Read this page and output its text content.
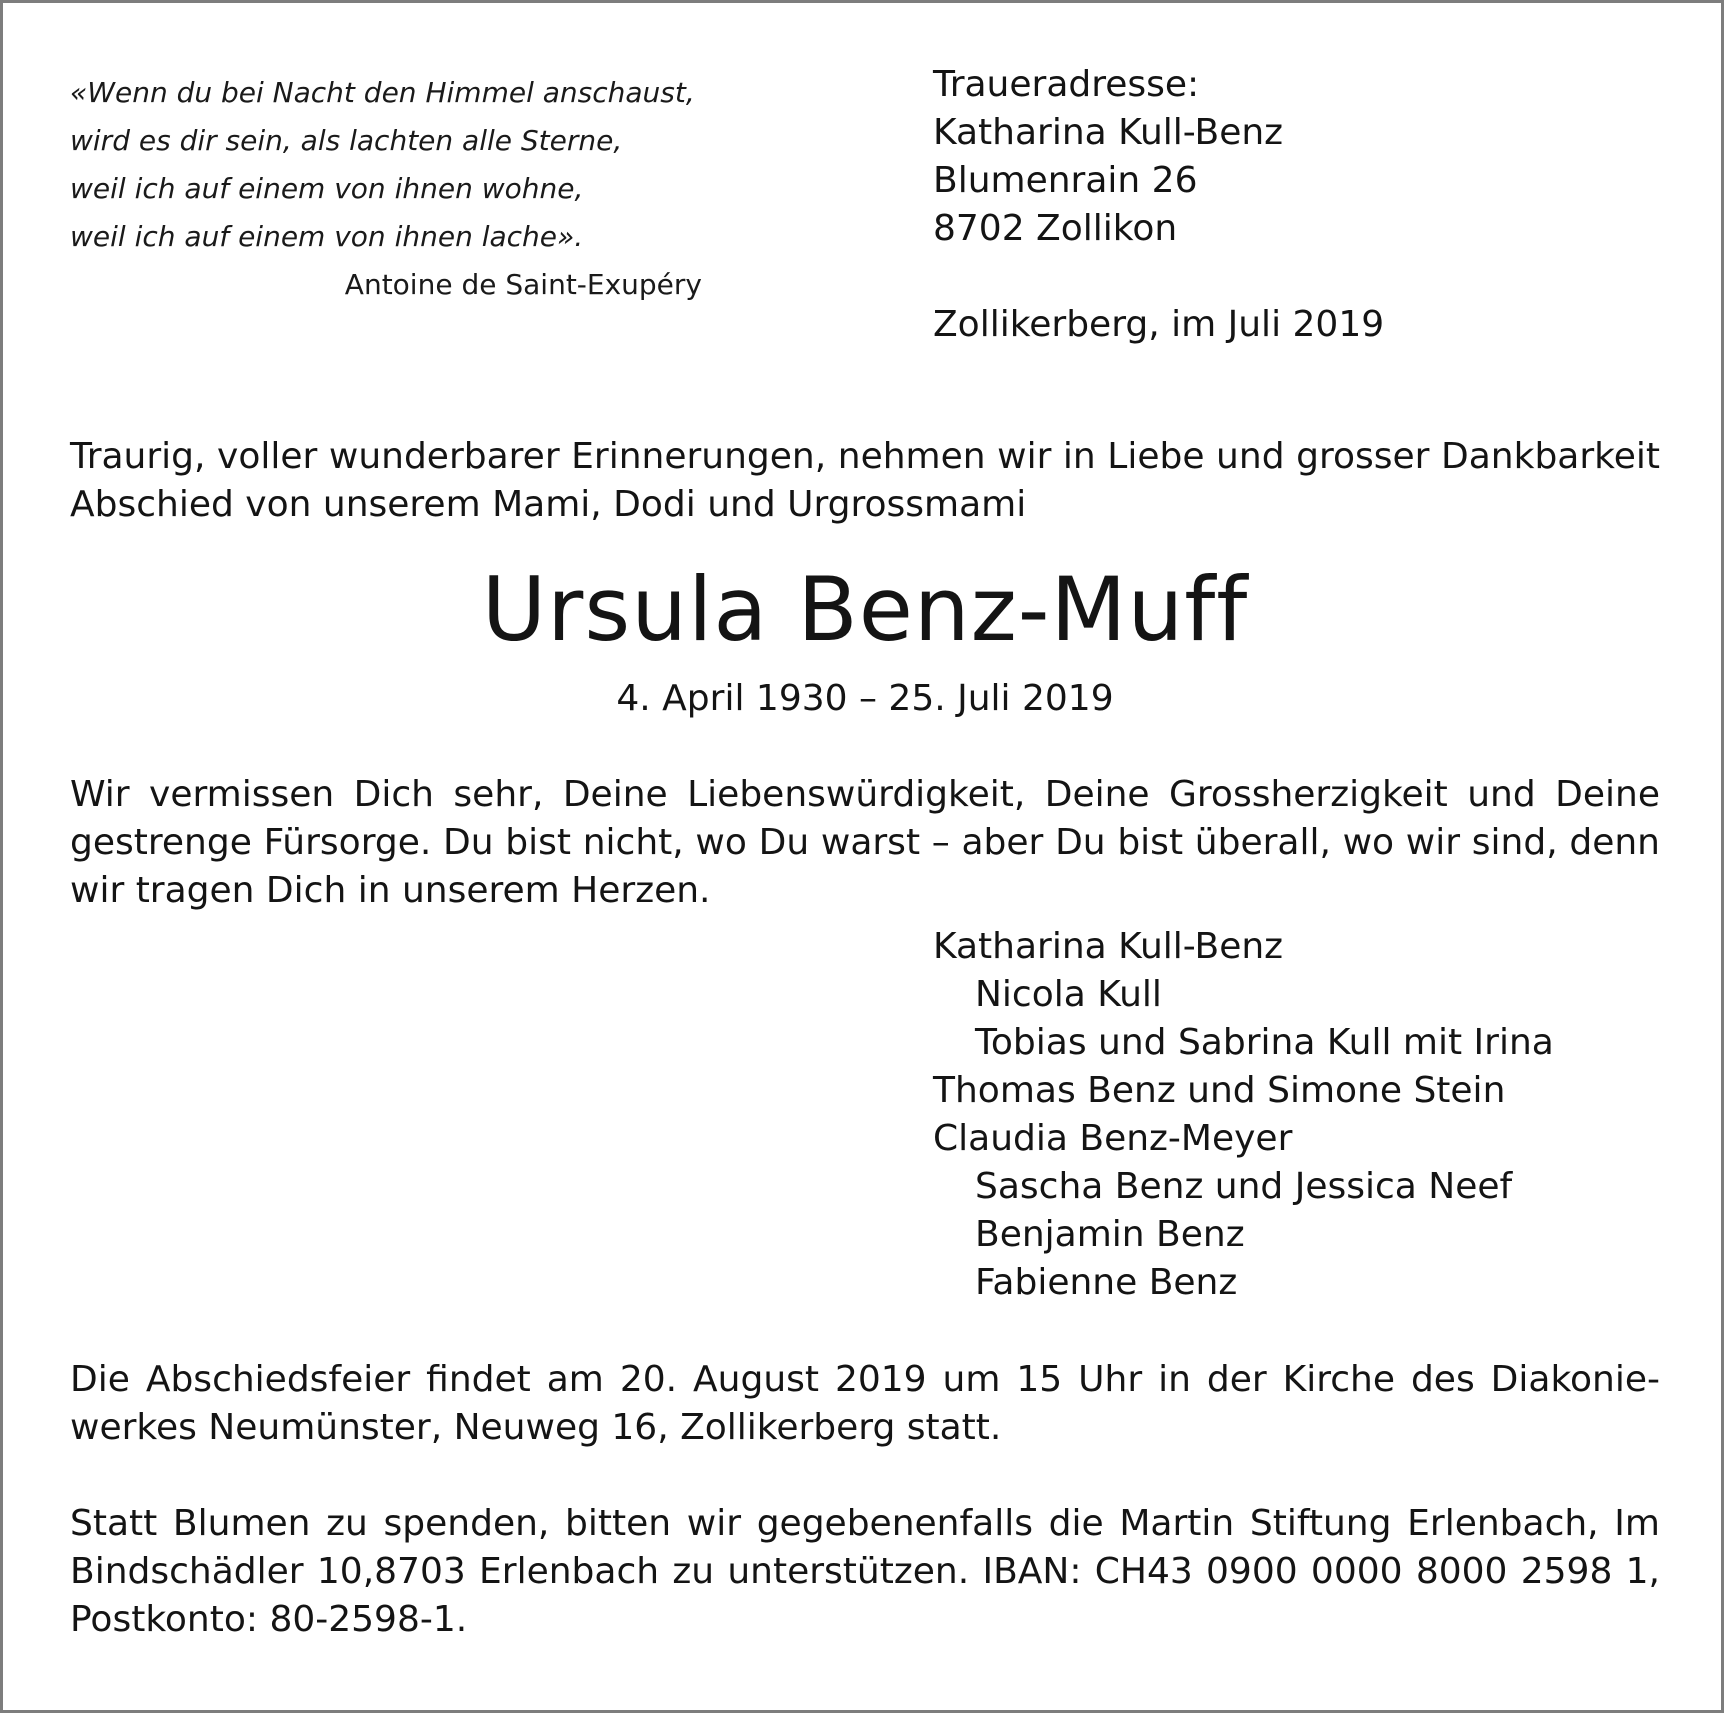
«Wenn du bei Nacht den Himmel anschaust,
wird es dir sein, als lachten alle Sterne,
weil ich auf einem von ihnen wohne,
weil ich auf einem von ihnen lache».
Antoine de Saint-Exupéry
Traueradresse:
Katharina Kull-Benz
Blumenrain 26
8702 Zollikon
Zollikerberg, im Juli 2019
Traurig, voller wunderbarer Erinnerungen, nehmen wir in Liebe und grosser Dankbarkeit
Abschied von unserem Mami, Dodi und Urgrossmami
Ursula Benz-Muff
4. April 1930 – 25. Juli 2019
Wir vermissen Dich sehr, Deine Liebenswürdigkeit, Deine Grossherzigkeit und Deine
gestrenge Fürsorge. Du bist nicht, wo Du warst – aber Du bist überall, wo wir sind, denn
wir tragen Dich in unserem Herzen.
Katharina Kull-Benz
Nicola Kull
Tobias und Sabrina Kull mit Irina
Thomas Benz und Simone Stein
Claudia Benz-Meyer
Sascha Benz und Jessica Neef
Benjamin Benz
Fabienne Benz
Die Abschiedsfeier findet am 20. August 2019 um 15 Uhr in der Kirche des Diakonie-
werkes Neumünster, Neuweg 16, Zollikerberg statt.
Statt Blumen zu spenden, bitten wir gegebenenfalls die Martin Stiftung Erlenbach, Im
Bindschädler 10,8703 Erlenbach zu unterstützen. IBAN: CH43 0900 0000 8000 2598 1,
Postkonto: 80-2598-1.
